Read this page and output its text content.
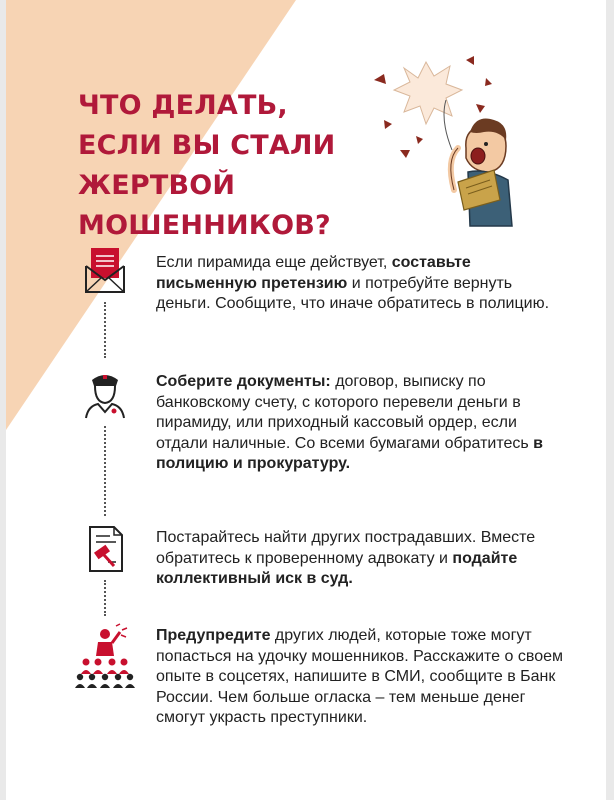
ЧТО ДЕЛАТЬ,
ЕСЛИ ВЫ СТАЛИ
ЖЕРТВОЙ
МОШЕННИКОВ?

Если пирамида еще действует, составьте письменную претензию и потребуйте вернуть деньги. Сообщите, что иначе обратитесь в полицию.

Соберите документы: договор, выписку по банковскому счету, с которого перевели деньги в пирамиду, или приходный кассовый ордер, если отдали наличные. Со всеми бумагами обратитесь в полицию и прокуратуру.

Постарайтесь найти других пострадавших. Вместе обратитесь к проверенному адвокату и подайте коллективный иск в суд.

Предупредите других людей, которые тоже могут попасться на удочку мошенников. Расскажите о своем опыте в соцсетях, напишите в СМИ, сообщите в Банк России. Чем больше огласка – тем меньше денег смогут украсть преступники.
